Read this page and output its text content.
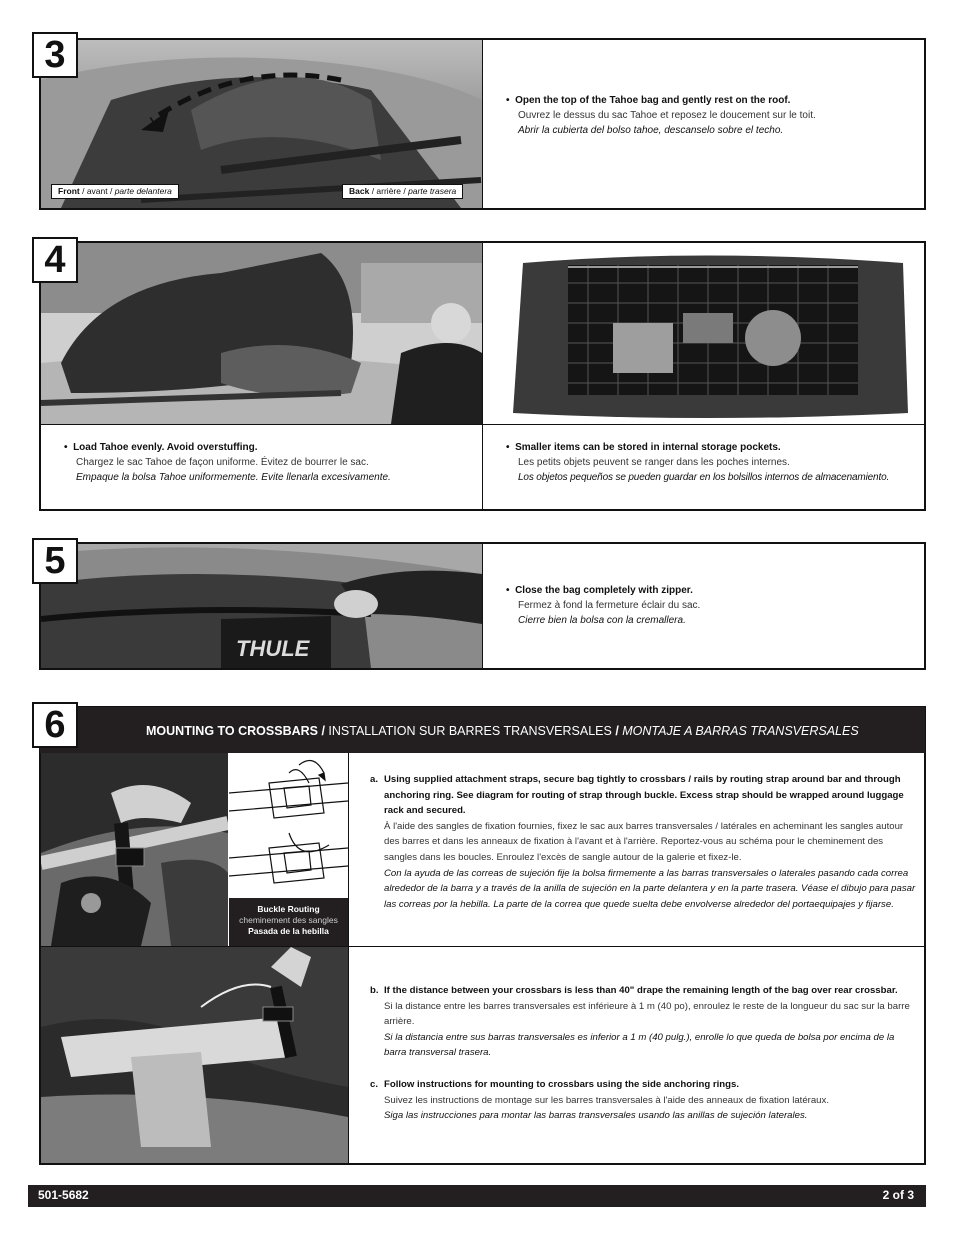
3
Front / avant / parte delantera	Back / arrière / parte trasera

•  Open the top of the Tahoe bag and gently rest on the roof.

Ouvrez le dessus du sac Tahoe et reposez le doucement sur le toit.

Abrir la cubierta del bolso tahoe, descanselo sobre el techo.

4

•  Load Tahoe evenly. Avoid overstuffing.

Chargez le sac Tahoe de façon uniforme. Évitez de bourrer le sac.

Empaque la bolsa Tahoe uniformemente. Evite llenarla excesivamente.

•  Smaller items can be stored in internal storage pockets.

Les petits objets peuvent se ranger dans les poches internes.

Los objetos pequeños se pueden guardar en los bolsillos internos de almacenamiento.

5
THULE

•  Close the bag completely with zipper.

Fermez à fond la fermeture éclair du sac.

Cierre bien la bolsa con la cremallera.

MOUNTING TO CROSSBARS / INSTALLATION SUR BARRES TRANSVERSALES / MONTAJE A BARRAS TRANSVERSALES
6
Buckle Routing
cheminement des sangles
Pasada de la hebilla
a. Using supplied attachment straps, secure bag tightly to crossbars / rails by routing strap around bar and through anchoring ring. See diagram for routing of strap through buckle. Excess strap should be wrapped around luggage rack and secured.

À l'aide des sangles de fixation fournies, fixez le sac aux barres transversales / latérales en acheminant les sangles autour des barres et dans les anneaux de fixation à l'avant et à l'arrière. Reportez-vous au schéma pour le cheminement des sangles dans les boucles. Enroulez l'excès de sangle autour de la galerie et fixez-le.

Con la ayuda de las correas de sujeción fije la bolsa firmemente a las barras transversales o laterales pasando cada correa alrededor de la barra y a través de la anilla de sujeción en la parte delantera y en la parte trasera. Véase el dibujo para pasar las correas por la hebilla. La parte de la correa que quede suelta debe envolverse alrededor del portaequipajes y fijarse.

b. If the distance between your crossbars is less than 40" drape the remaining length of the bag over rear crossbar.

Si la distance entre les barres transversales est inférieure à 1 m (40 po), enroulez le reste de la longueur du sac sur la barre arrière.

Si la distancia entre sus barras transversales es inferior a 1 m (40 pulg.), enrolle lo que queda de bolsa por encima de la barra transversal trasera.

c. Follow instructions for mounting to crossbars using the side anchoring rings.

Suivez les instructions de montage sur les barres transversales à l'aide des anneaux de fixation latéraux.

Siga las instrucciones para montar las barras transversales usando las anillas de sujeción laterales.

501-5682	2 of 3
